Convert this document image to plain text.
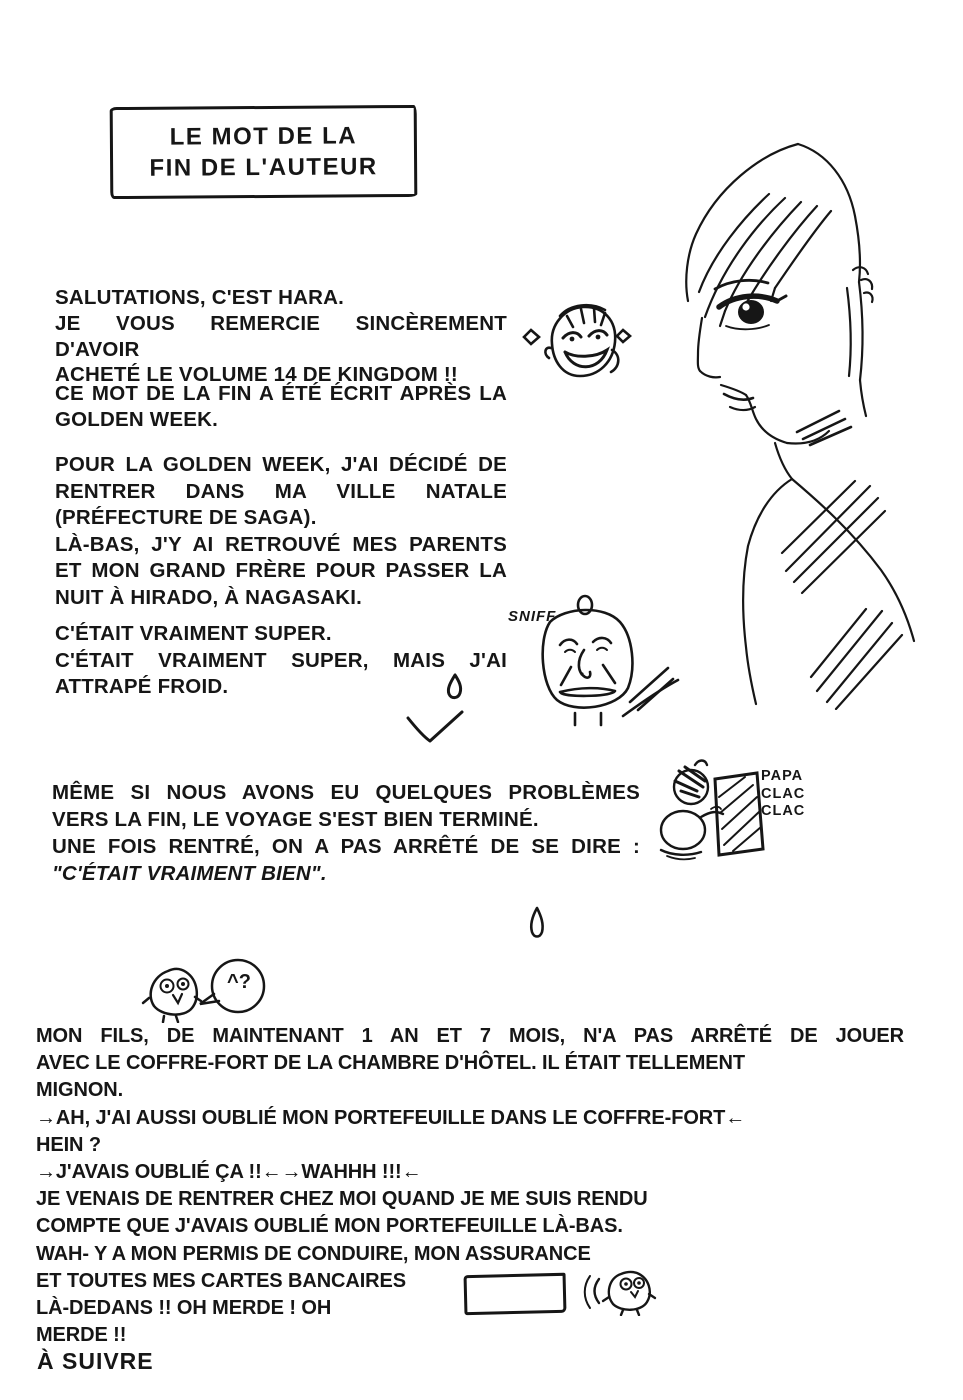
LE MOT DE LA
FIN DE L'AUTEUR
SALUTATIONS, C'EST HARA.
JE VOUS REMERCIE SINCÈREMENT D'AVOIR
ACHETÉ LE VOLUME 14 DE KINGDOM !!
CE MOT DE LA FIN A ÉTÉ ÉCRIT APRÈS LA
GOLDEN WEEK.
POUR LA GOLDEN WEEK, J'AI DÉCIDÉ DE
RENTRER DANS MA VILLE NATALE
(PRÉFECTURE DE SAGA).
LÀ-BAS, J'Y AI RETROUVÉ MES PARENTS
ET MON GRAND FRÈRE POUR PASSER LA
NUIT À HIRADO, À NAGASAKI.
C'ÉTAIT VRAIMENT SUPER.
C'ÉTAIT VRAIMENT SUPER, MAIS J'AI
ATTRAPÉ FROID.
MÊME SI NOUS AVONS EU QUELQUES PROBLÈMES
VERS LA FIN, LE VOYAGE S'EST BIEN TERMINÉ.
UNE FOIS RENTRÉ, ON A PAS ARRÊTÉ DE SE DIRE :
"C'ÉTAIT VRAIMENT BIEN".
MON FILS, DE MAINTENANT 1 AN ET 7 MOIS, N'A PAS ARRÊTÉ DE JOUER
AVEC LE COFFRE-FORT DE LA CHAMBRE D'HÔTEL. IL ÉTAIT TELLEMENT
MIGNON.
→AH, J'AI AUSSI OUBLIÉ MON PORTEFEUILLE DANS LE COFFRE-FORT←
HEIN ?
→J'AVAIS OUBLIÉ ÇA !!←→WAHHH !!!←
JE VENAIS DE RENTRER CHEZ MOI QUAND JE ME SUIS RENDU
COMPTE QUE J'AVAIS OUBLIÉ MON PORTEFEUILLE LÀ-BAS.
WAH- Y A MON PERMIS DE CONDUIRE, MON ASSURANCE
ET TOUTES MES CARTES BANCAIRES
LÀ-DEDANS !! OH MERDE ! OH
MERDE !!
À SUIVRE
SNIFF
PAPA
CLAC
CLAC
^?
